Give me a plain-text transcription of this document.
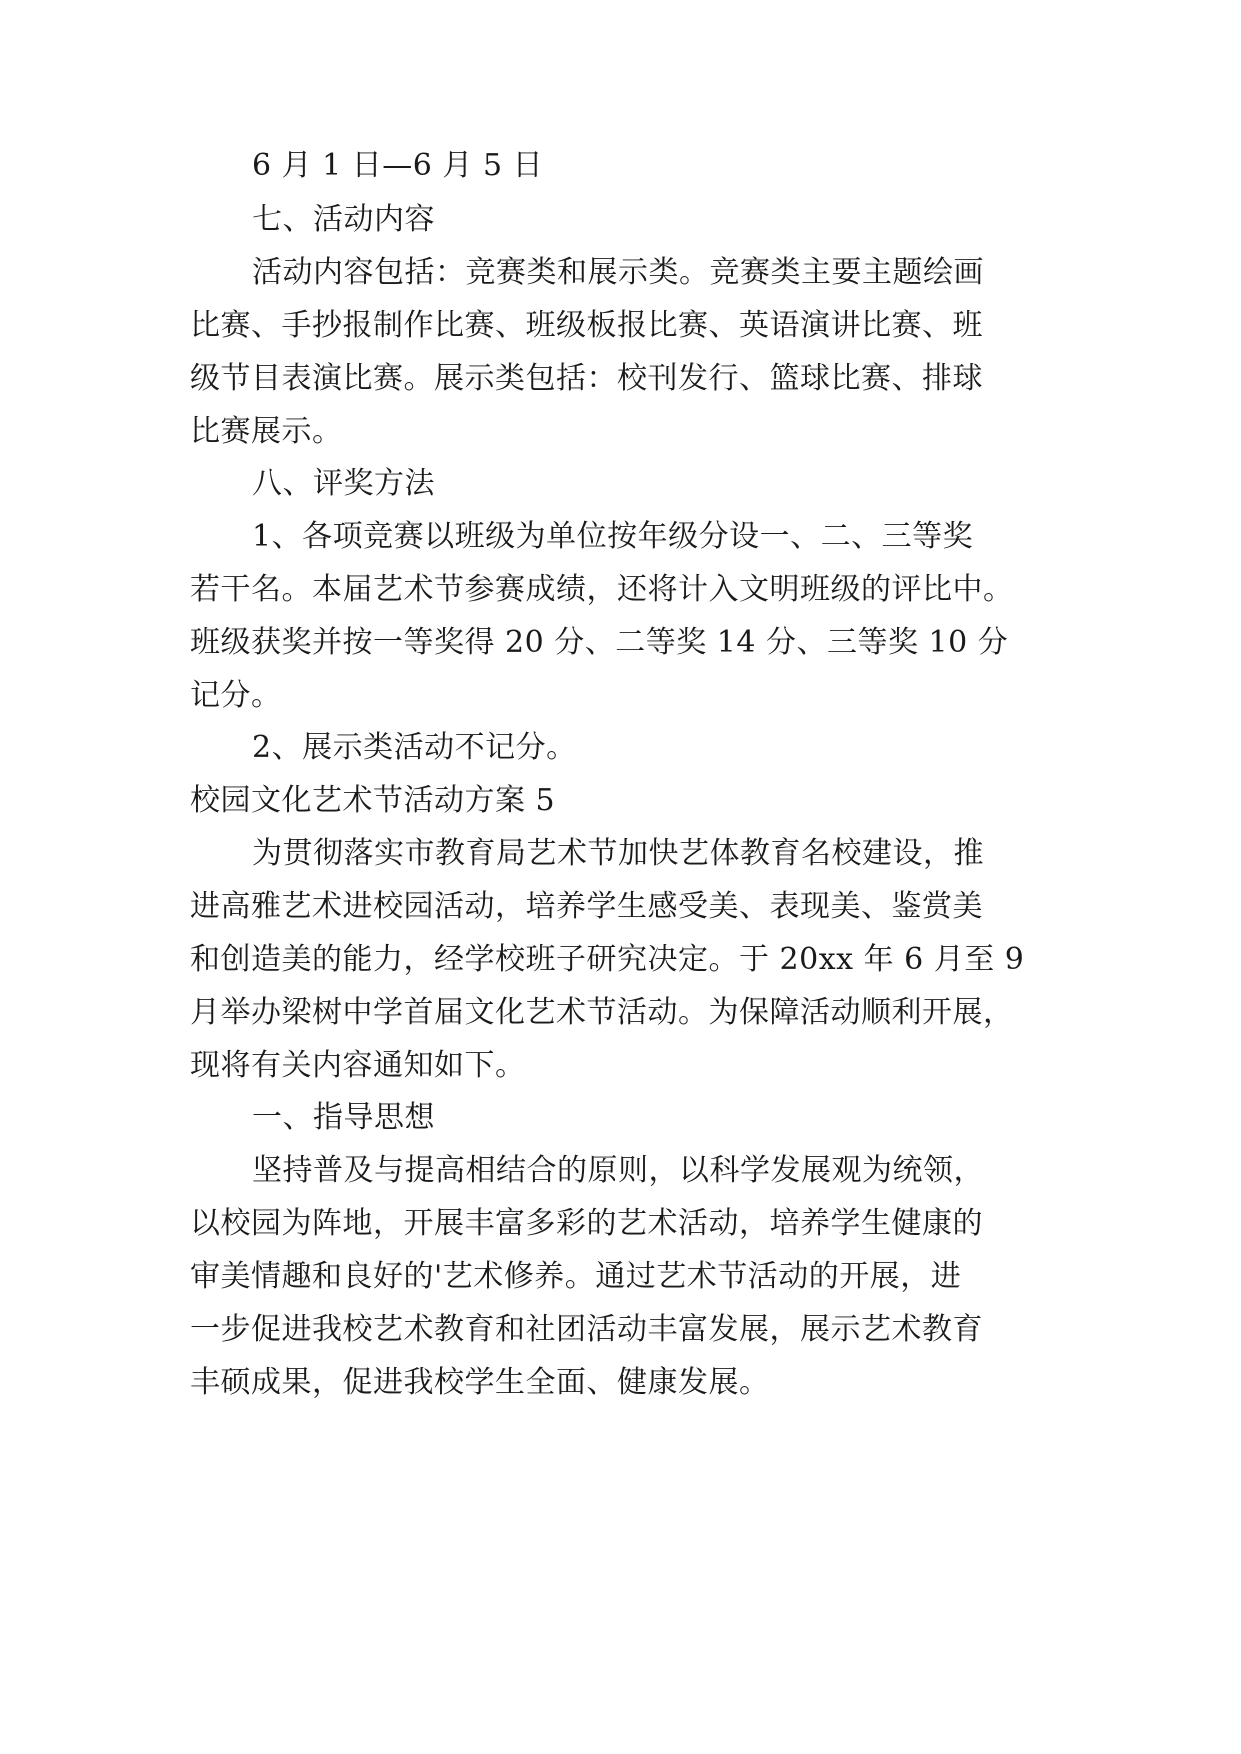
6 月 1 日—6 月 5 日
七、活动内容
活动内容包括：竞赛类和展示类。竞赛类主要主题绘画
比赛、手抄报制作比赛、班级板报比赛、英语演讲比赛、班
级节目表演比赛。展示类包括：校刊发行、篮球比赛、排球
比赛展示。
八、评奖方法
1、各项竞赛以班级为单位按年级分设一、二、三等奖
若干名。本届艺术节参赛成绩，还将计入文明班级的评比中。
班级获奖并按一等奖得 20 分、二等奖 14 分、三等奖 10 分
记分。
2、展示类活动不记分。
校园文化艺术节活动方案 5
为贯彻落实市教育局艺术节加快艺体教育名校建设，推
进高雅艺术进校园活动，培养学生感受美、表现美、鉴赏美
和创造美的能力，经学校班子研究决定。于 20xx 年 6 月至 9
月举办梁树中学首届文化艺术节活动。为保障活动顺利开展，
现将有关内容通知如下。
一、指导思想
坚持普及与提高相结合的原则，以科学发展观为统领，
以校园为阵地，开展丰富多彩的艺术活动，培养学生健康的
审美情趣和良好的'艺术修养。通过艺术节活动的开展，进
一步促进我校艺术教育和社团活动丰富发展，展示艺术教育
丰硕成果，促进我校学生全面、健康发展。
